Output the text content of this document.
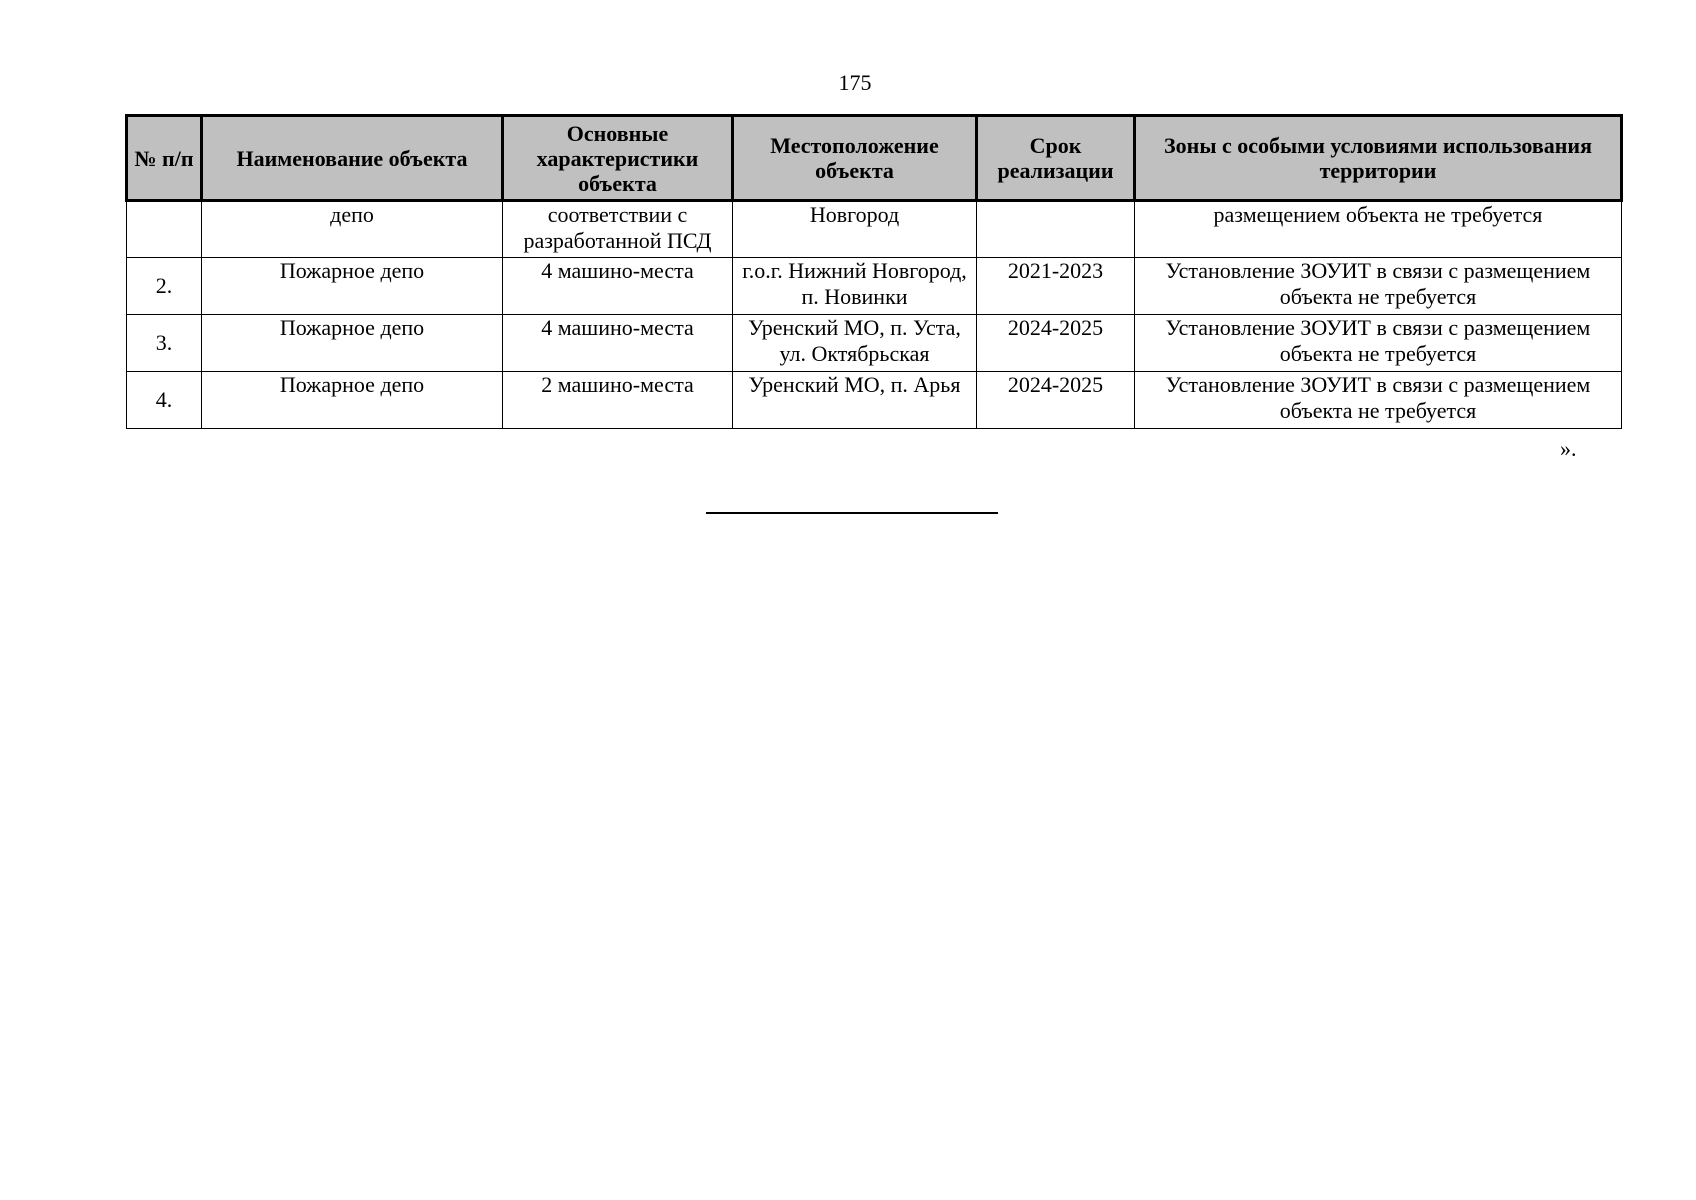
175
№ п/п	Наименование объекта	Основные характеристики объекта	Местоположение объекта	Срок реализации	Зоны с особыми условиями использования территории
	депо	соответствии с разработанной ПСД	Новгород		размещением объекта не требуется
2.	Пожарное депо	4 машино-места	г.о.г. Нижний Новгород, п. Новинки	2021-2023	Установление ЗОУИТ в связи с размещением объекта не требуется
3.	Пожарное депо	4 машино-места	Уренский МО, п. Уста, ул. Октябрьская	2024-2025	Установление ЗОУИТ в связи с размещением объекта не требуется
4.	Пожарное депо	2 машино-места	Уренский МО, п. Арья	2024-2025	Установление ЗОУИТ в связи с размещением объекта не требуется
».
